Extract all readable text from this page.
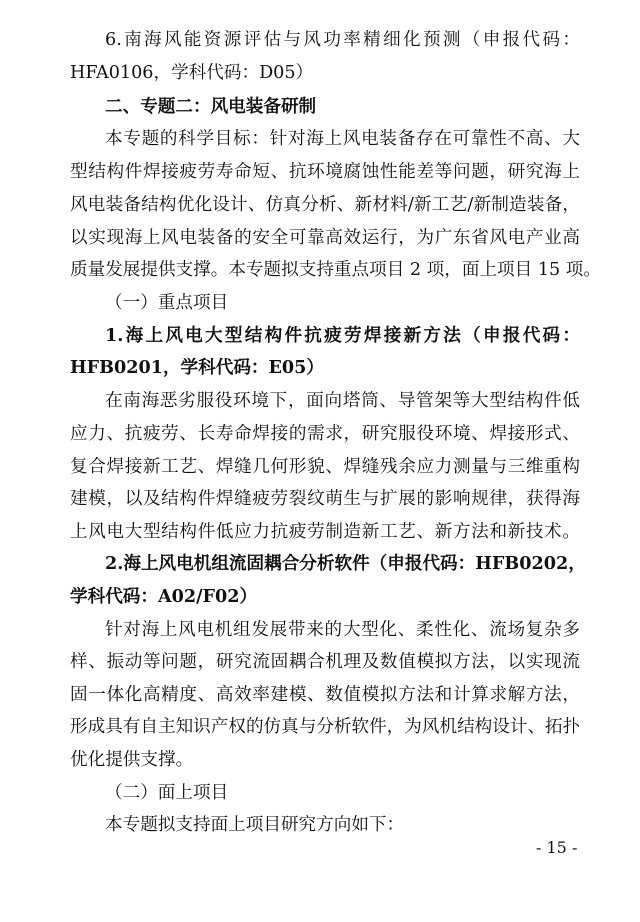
6.南海风能资源评估与风功率精细化预测（申报代码：
HFA0106，学科代码：D05）
二、专题二：风电装备研制
本专题的科学目标：针对海上风电装备存在可靠性不高、大
型结构件焊接疲劳寿命短、抗环境腐蚀性能差等问题，研究海上
风电装备结构优化设计、仿真分析、新材料/新工艺/新制造装备，
以实现海上风电装备的安全可靠高效运行，为广东省风电产业高
质量发展提供支撑。本专题拟支持重点项目 2 项，面上项目 15 项。
（一）重点项目
1.海上风电大型结构件抗疲劳焊接新方法（申报代码：
HFB0201，学科代码：E05）
在南海恶劣服役环境下，面向塔筒、导管架等大型结构件低
应力、抗疲劳、长寿命焊接的需求，研究服役环境、焊接形式、
复合焊接新工艺、焊缝几何形貌、焊缝残余应力测量与三维重构
建模，以及结构件焊缝疲劳裂纹萌生与扩展的影响规律，获得海
上风电大型结构件低应力抗疲劳制造新工艺、新方法和新技术。
2.海上风电机组流固耦合分析软件（申报代码：HFB0202，
学科代码：A02/F02）
针对海上风电机组发展带来的大型化、柔性化、流场复杂多
样、振动等问题，研究流固耦合机理及数值模拟方法，以实现流
固一体化高精度、高效率建模、数值模拟方法和计算求解方法，
形成具有自主知识产权的仿真与分析软件，为风机结构设计、拓扑
优化提供支撑。
（二）面上项目
本专题拟支持面上项目研究方向如下：
- 15 -
